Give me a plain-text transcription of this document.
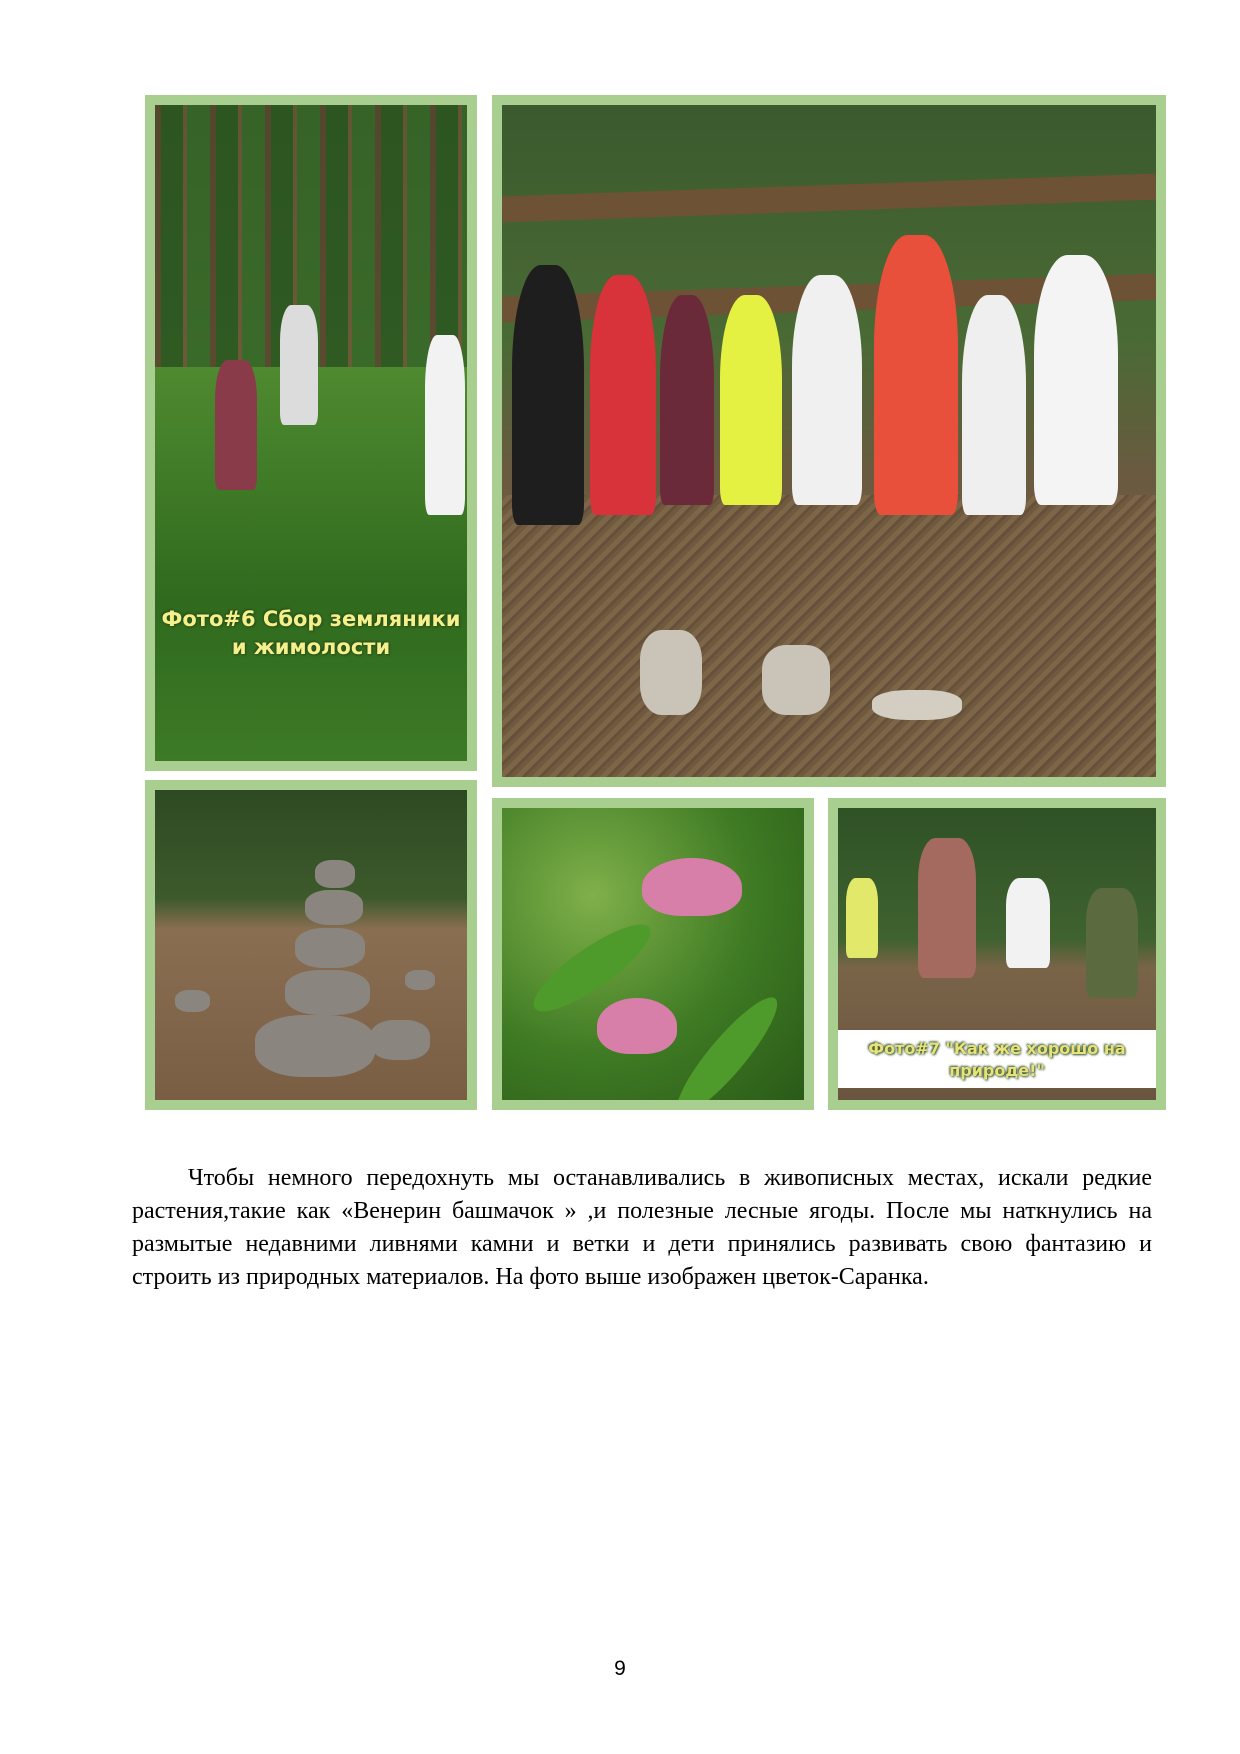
Фото#6 Сбор земляники и жимолости
Фото#7 "Как же хорошо на природе!"

Чтобы немного передохнуть мы останавливались в живописных местах, искали редкие растения,такие как «Венерин башмачок » ,и полезные лесные ягоды. После мы наткнулись на размытые недавними ливнями камни и ветки и дети принялись развивать свою фантазию и строить из природных материалов. На фото выше изображен цветок-Саранка.

9
